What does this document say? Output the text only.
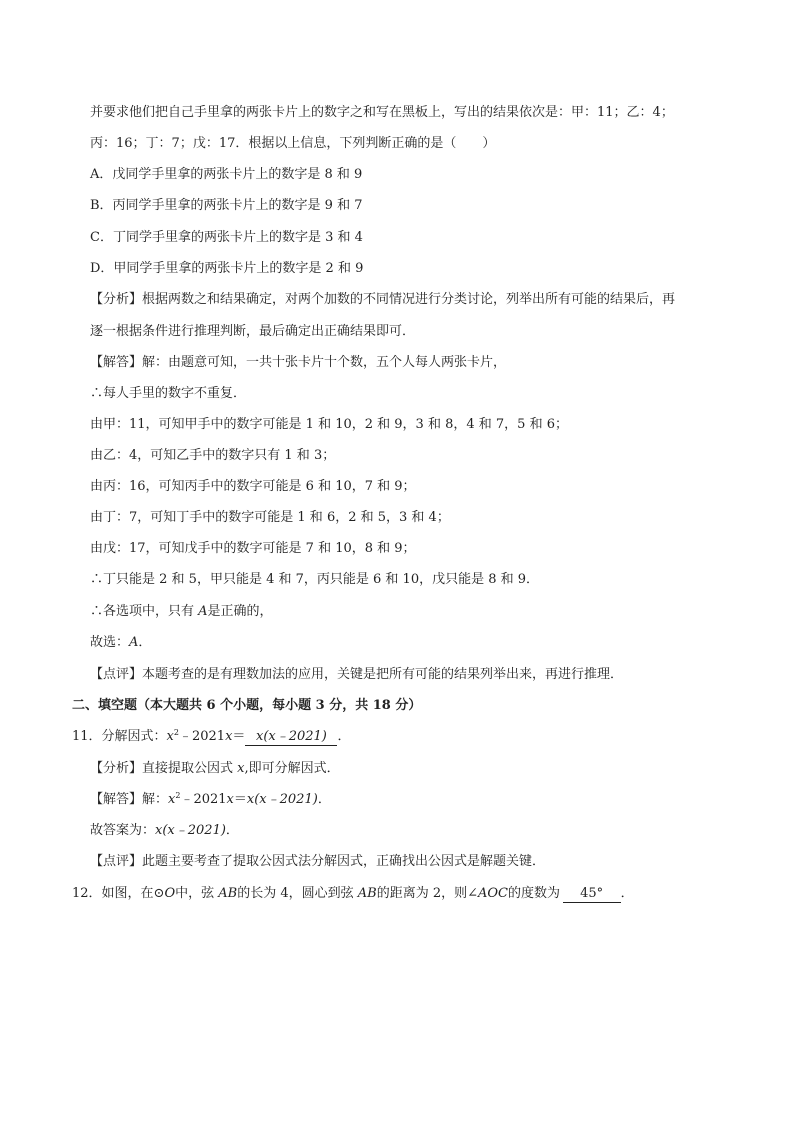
并要求他们把自己手里拿的两张卡片上的数字之和写在黑板上，写出的结果依次是：甲：11；乙：4；
丙：16；丁：7；戊：17．根据以上信息，下列判断正确的是（　　）
A．戊同学手里拿的两张卡片上的数字是 8 和 9
B．丙同学手里拿的两张卡片上的数字是 9 和 7
C．丁同学手里拿的两张卡片上的数字是 3 和 4
D．甲同学手里拿的两张卡片上的数字是 2 和 9
【分析】根据两数之和结果确定，对两个加数的不同情况进行分类讨论，列举出所有可能的结果后，再
逐一根据条件进行推理判断，最后确定出正确结果即可．
【解答】解：由题意可知，一共十张卡片十个数，五个人每人两张卡片，
∴每人手里的数字不重复．
由甲：11，可知甲手中的数字可能是 1 和 10，2 和 9，3 和 8，4 和 7，5 和 6；
由乙：4，可知乙手中的数字只有 1 和 3；
由丙：16，可知丙手中的数字可能是 6 和 10，7 和 9；
由丁：7，可知丁手中的数字可能是 1 和 6，2 和 5，3 和 4；
由戊：17，可知戊手中的数字可能是 7 和 10，8 和 9；
∴丁只能是 2 和 5，甲只能是 4 和 7，丙只能是 6 和 10，戊只能是 8 和 9．
∴各选项中，只有 A是正确的，
故选：A．
【点评】本题考查的是有理数加法的应用，关键是把所有可能的结果列举出来，再进行推理．
二、填空题（本大题共 6 个小题，每小题 3 分，共 18 分）
11．分解因式：$x^2﹣2021x=$ x(x﹣2021) ．
【分析】直接提取公因式 x,即可分解因式．
【解答】解：$x^2﹣2021x=x(x﹣2021)$．
故答案为：x(x﹣2021)．
【点评】此题主要考查了提取公因式法分解因式，正确找出公因式是解题关键．
12．如图，在⊙O中，弦 AB的长为 4，圆心到弦 AB的距离为 2，则∠AOC的度数为  45° ．
